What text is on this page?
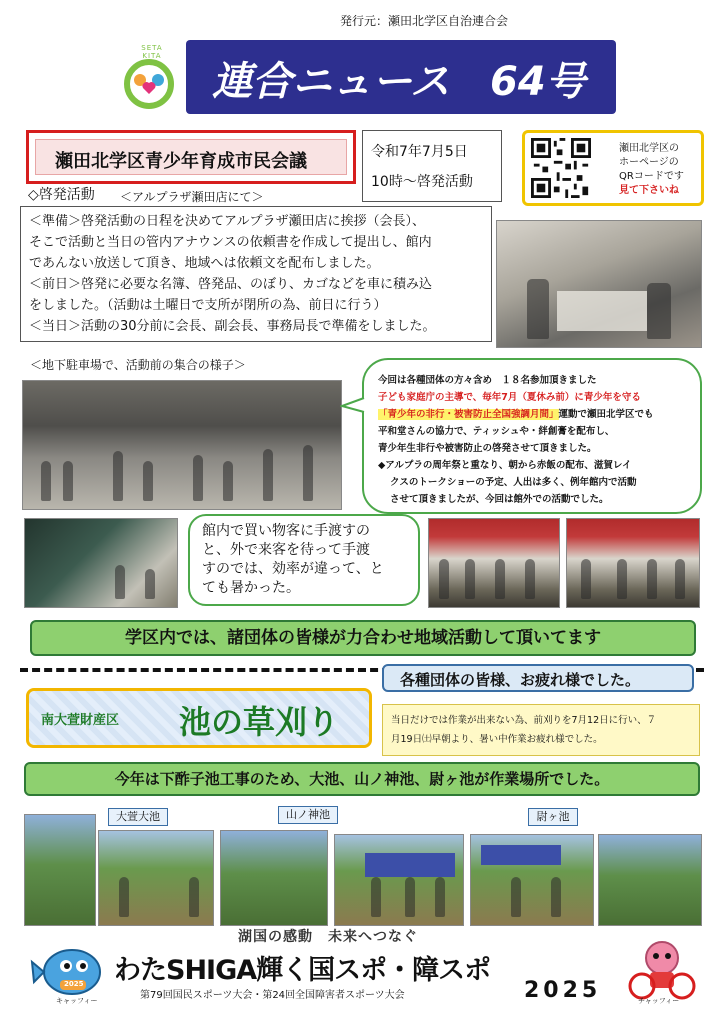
発行元：瀬田北学区自治連合会
SETA KITA
連合ニュース　64号
瀬田北学区青少年育成市民会議	令和7年7月5日
10時～啓発活動
瀬田北学区の
ホーページの
QRコードです
見て下さいね
◇啓発活動 ＜アルプラザ瀬田店にて＞
＜準備＞啓発活動の日程を決めてアルプラザ瀬田店に挨拶（会長）、
そこで活動と当日の管内アナウンスの依頼書を作成して提出し、館内
であんない放送して頂き、地域へは依頼文を配布しました。
＜前日＞啓発に必要な名簿、啓発品、のぼり、カゴなどを車に積み込
をしました。（活動は土曜日で支所が閉所の為、前日に行う）
＜当日＞活動の30分前に会長、副会長、事務局長で準備をしました。
＜地下駐車場で、活動前の集合の様子＞
今回は各種団体の方々含め　１８名参加頂きました
子ども家庭庁の主導で、毎年7月（夏休み前）に青少年を守る
「青少年の非行・被害防止全国強調月間」運動で瀬田北学区でも
平和堂さんの協力で、ティッシュや・絆創膏を配布し、
青少年生非行や被害防止の啓発させて頂きました。
◆アルプラの周年祭と重なり、朝から赤飯の配布、滋賀レイ
クスのトークショーの予定、人出は多く、例年館内で活動
させて頂きましたが、今回は館外での活動でした。
館内で買い物客に手渡すの
と、外で来客を待って手渡
すのでは、効率が違って、と
ても暑かった。
学区内では、諸団体の皆様が力合わせ地域活動して頂いてます
各種団体の皆様、お疲れ様でした。
南大萱財産区 池の草刈り	当日だけでは作業が出来ない為、前刈りを7月12日に行い、７
月19日㈯早朝より、暑い中作業お疲れ様でした。
今年は下酢子池工事のため、大池、山ノ神池、尉ヶ池が作業場所でした。
大萱大池	山ノ神池	尉ヶ池
湖国の感動　未来へつなぐ
2025
キャッフィー
わたSHIGA輝く国スポ・障スポ
第79回国民スポーツ大会・第24回全国障害者スポーツ大会	2025	チャッフィー
